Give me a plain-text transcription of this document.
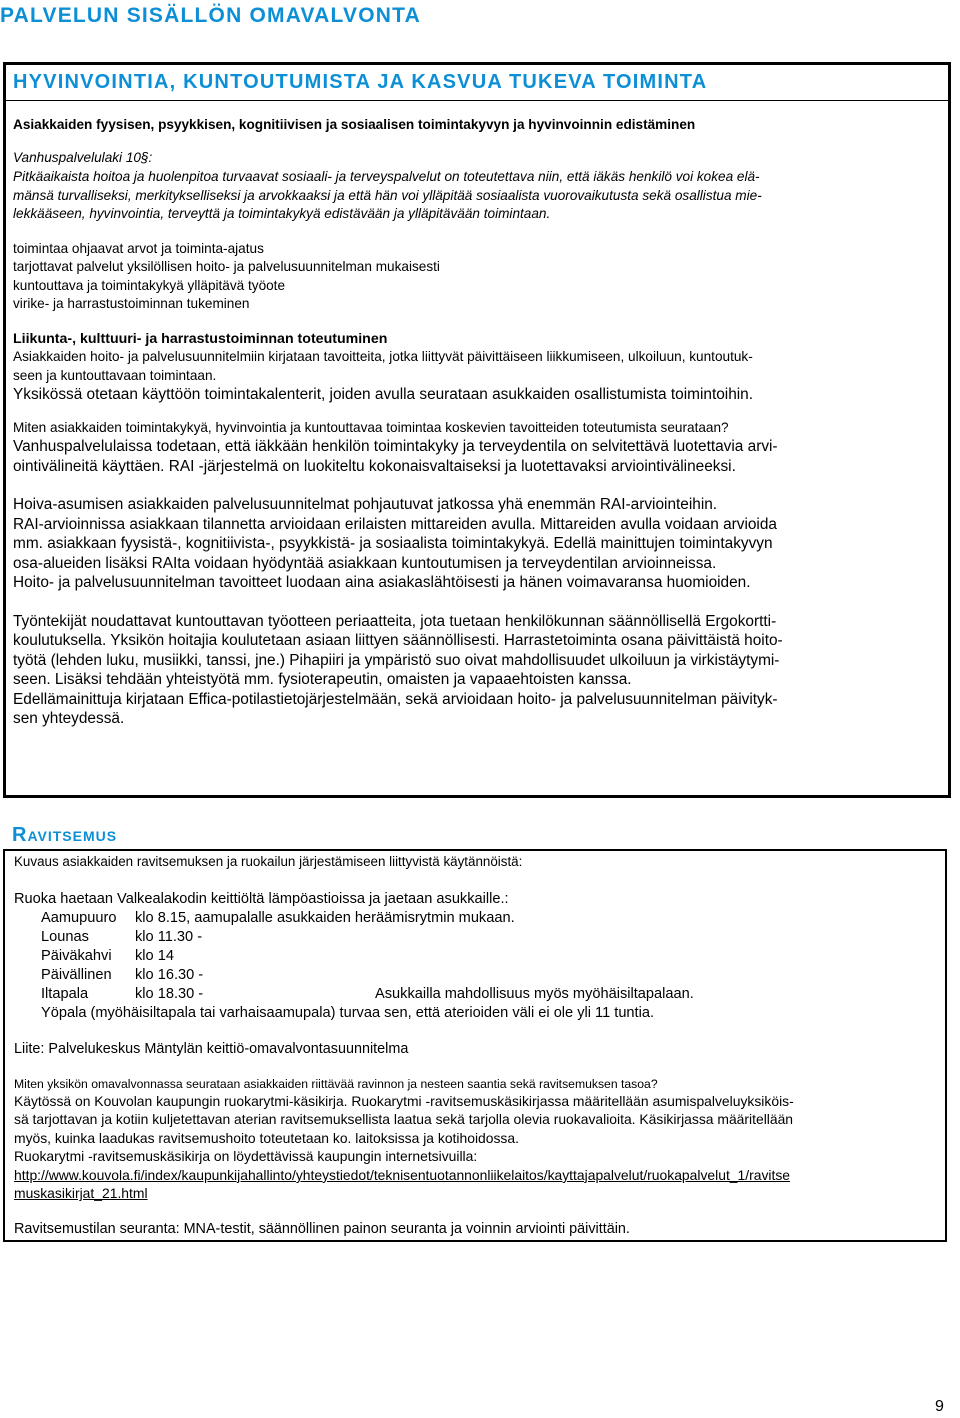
PALVELUN SISÄLLÖN OMAVALVONTA
HYVINVOINTIA, KUNTOUTUMISTA JA KASVUA TUKEVA TOIMINTA

Asiakkaiden fyysisen, psyykkisen, kognitiivisen ja sosiaalisen toimintakyvyn ja hyvinvoinnin edistäminen

Vanhuspalvelulaki 10§:

Pitkäaikaista hoitoa ja huolenpitoa turvaavat sosiaali- ja terveyspalvelut on toteutettava niin, että iäkäs henkilö voi kokea elä-

mänsä turvalliseksi, merkitykselliseksi ja arvokkaaksi ja että hän voi ylläpitää sosiaalista vuorovaikutusta sekä osallistua mie-

lekkääseen, hyvinvointia, terveyttä ja toimintakykyä edistävään ja ylläpitävään toimintaan.

toimintaa ohjaavat arvot ja toiminta-ajatus

tarjottavat palvelut yksilöllisen hoito- ja palvelusuunnitelman mukaisesti

kuntouttava ja toimintakykyä ylläpitävä työote

virike- ja harrastustoiminnan tukeminen

Liikunta-, kulttuuri- ja harrastustoiminnan toteutuminen

Asiakkaiden hoito- ja palvelusuunnitelmiin kirjataan tavoitteita, jotka liittyvät päivittäiseen liikkumiseen, ulkoiluun, kuntoutuk-

seen ja kuntouttavaan toimintaan.

Yksikössä otetaan käyttöön toimintakalenterit, joiden avulla seurataan asukkaiden osallistumista toimintoihin.

Miten asiakkaiden toimintakykyä, hyvinvointia ja kuntouttavaa toimintaa koskevien tavoitteiden toteutumista seurataan?

Vanhuspalvelulaissa todetaan, että iäkkään henkilön toimintakyky ja terveydentila on selvitettävä luotettavia arvi-

ointivälineitä käyttäen. RAI -järjestelmä on luokiteltu kokonaisvaltaiseksi ja luotettavaksi arviointivälineeksi.

Hoiva-asumisen asiakkaiden palvelusuunnitelmat pohjautuvat jatkossa yhä enemmän RAI-arviointeihin.

RAI-arvioinnissa asiakkaan tilannetta arvioidaan erilaisten mittareiden avulla. Mittareiden avulla voidaan arvioida

mm. asiakkaan fyysistä-, kognitiivista-, psyykkistä- ja sosiaalista toimintakykyä. Edellä mainittujen toimintakyvyn

osa-alueiden lisäksi RAIta voidaan hyödyntää asiakkaan kuntoutumisen ja terveydentilan arvioinneissa.

Hoito- ja palvelusuunnitelman tavoitteet luodaan aina asiakaslähtöisesti ja hänen voimavaransa huomioiden.

Työntekijät noudattavat kuntouttavan työotteen periaatteita, jota tuetaan henkilökunnan säännöllisellä Ergokortti-

koulutuksella. Yksikön hoitajia koulutetaan asiaan liittyen säännöllisesti. Harrastetoiminta osana päivittäistä hoito-

työtä (lehden luku, musiikki, tanssi, jne.) Pihapiiri ja ympäristö suo oivat mahdollisuudet ulkoiluun ja virkistäytymi-

seen. Lisäksi tehdään yhteistyötä mm. fysioterapeutin, omaisten ja vapaaehtoisten kanssa.

Edellämainittuja kirjataan Effica-potilastietojärjestelmään, sekä arvioidaan hoito- ja palvelusuunnitelman päivityk-

sen yhteydessä.

Ravitsemus

Kuvaus asiakkaiden ravitsemuksen ja ruokailun järjestämiseen liittyvistä käytännöistä:

Ruoka haetaan Valkealakodin keittiöltä lämpöastioissa ja jaetaan asukkaille.:

Aamupuuro	klo 8.15, aamupalalle asukkaiden heräämisrytmin mukaan.
Lounas	klo 11.30 -
Päiväkahvi	klo 14
Päivällinen	klo 16.30 -
Iltapala	klo 18.30 -	Asukkailla mahdollisuus myös myöhäisiltapalaan.

Yöpala (myöhäisiltapala tai varhaisaamupala) turvaa sen, että aterioiden väli ei ole yli 11 tuntia.

Liite: Palvelukeskus Mäntylän keittiö-omavalvontasuunnitelma

Miten yksikön omavalvonnassa seurataan asiakkaiden riittävää ravinnon ja nesteen saantia sekä ravitsemuksen tasoa?

Käytössä on Kouvolan kaupungin ruokarytmi-käsikirja. Ruokarytmi -ravitsemuskäsikirjassa määritellään asumispalveluyksiköis-

sä tarjottavan ja kotiin kuljetettavan aterian ravitsemuksellista laatua sekä tarjolla olevia ruokavalioita. Käsikirjassa määritellään

myös, kuinka laadukas ravitsemushoito toteutetaan ko. laitoksissa ja kotihoidossa.

Ruokarytmi -ravitsemuskäsikirja on löydettävissä kaupungin internetsivuilla:

http://www.kouvola.fi/index/kaupunkijahallinto/yhteystiedot/teknisentuotannonliikelaitos/kayttajapalvelut/ruokapalvelut_1/ravitse

muskasikirjat_21.html

Ravitsemustilan seuranta: MNA-testit, säännöllinen painon seuranta ja voinnin arviointi päivittäin.

9
